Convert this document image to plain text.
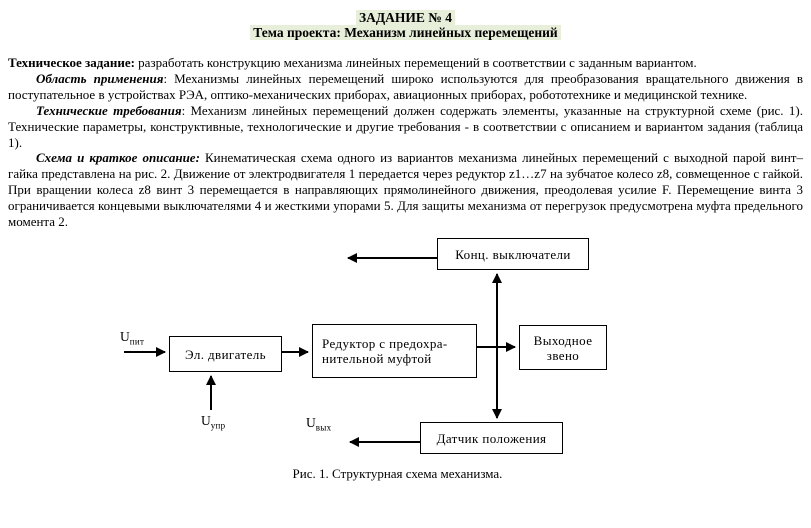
ЗАДАНИЕ № 4
Тема проекта: Механизм линейных перемещений

Техническое задание: разработать конструкцию механизма линейных перемещений в соответствии с заданным вариантом.

Область применения: Механизмы линейных перемещений широко используются для преобразования вращательного движения в поступательное в устройствах РЭА, оптико-механических приборах, авиационных приборах, робототехнике и медицинской технике.

Технические требования: Механизм линейных перемещений должен содержать элементы, указанные на структурной схеме (рис. 1). Технические параметры, конструктивные, технологические и другие требования - в соответствии с описанием и вариантом задания (таблица 1).

Схема и краткое описание: Кинематическая схема одного из вариантов механизма линейных перемещений с выходной парой винт–гайка представлена на рис. 2. Движение от электродвигателя 1 передается через редуктор z1…z7 на зубчатое колесо z8, совмещенное с гайкой. При вращении колеса z8 винт 3 перемещается в направляющих прямолинейного движения, преодолевая усилие F. Перемещение винта 3 ограничивается концевыми выключателями 4 и жесткими упорами 5. Для защиты механизма от перегрузок предусмотрена муфта предельного момента 2.

Конц. выключатели
Эл. двигатель
Редуктор с предохра-
нительной муфтой
Выходное
звено
Датчик положения
$U_{пит}$
$U_{упр}$	$U_{вых}$
Рис. 1. Структурная схема механизма.
